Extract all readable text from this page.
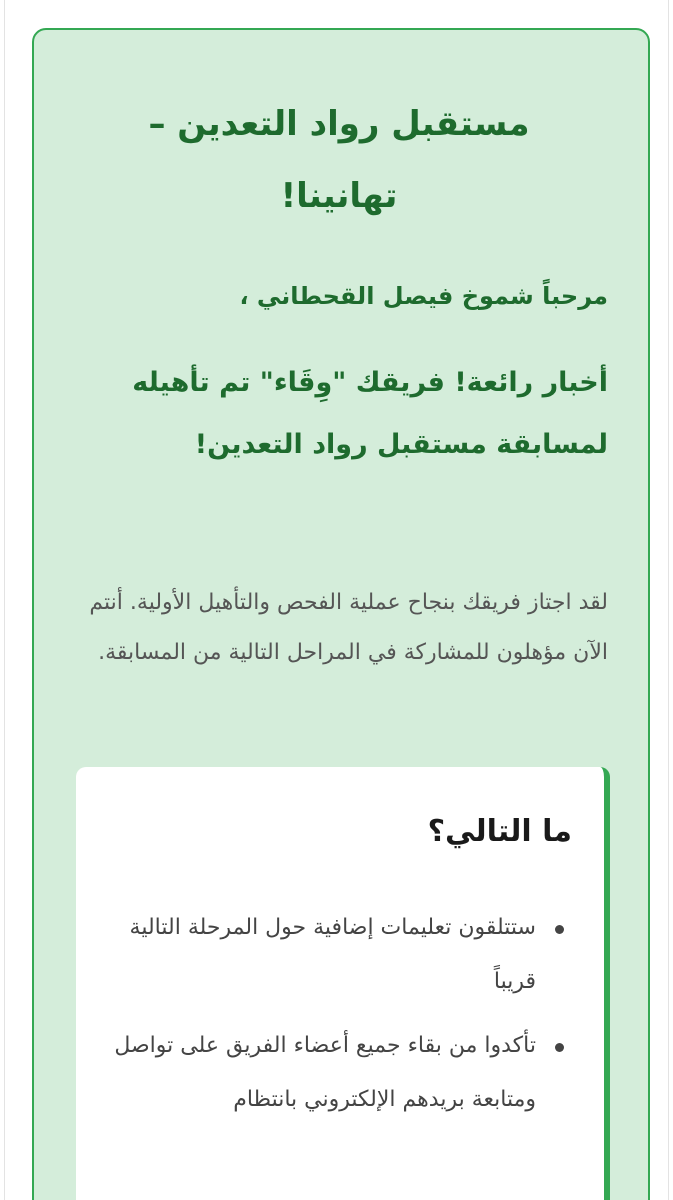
مستقبل رواد التعدين – تهانينا!

مرحباً شموخ فيصل القحطاني ،

أخبار رائعة! فريقك "وِقَاء" تم تأهيله لمسابقة مستقبل رواد التعدين!

لقد اجتاز فريقك بنجاح عملية الفحص والتأهيل الأولية. أنتم الآن مؤهلون للمشاركة في المراحل التالية من المسابقة.

ما التالي؟
ستتلقون تعليمات إضافية حول المرحلة التالية قريباً
تأكدوا من بقاء جميع أعضاء الفريق على تواصل ومتابعة بريدهم الإلكتروني بانتظام
